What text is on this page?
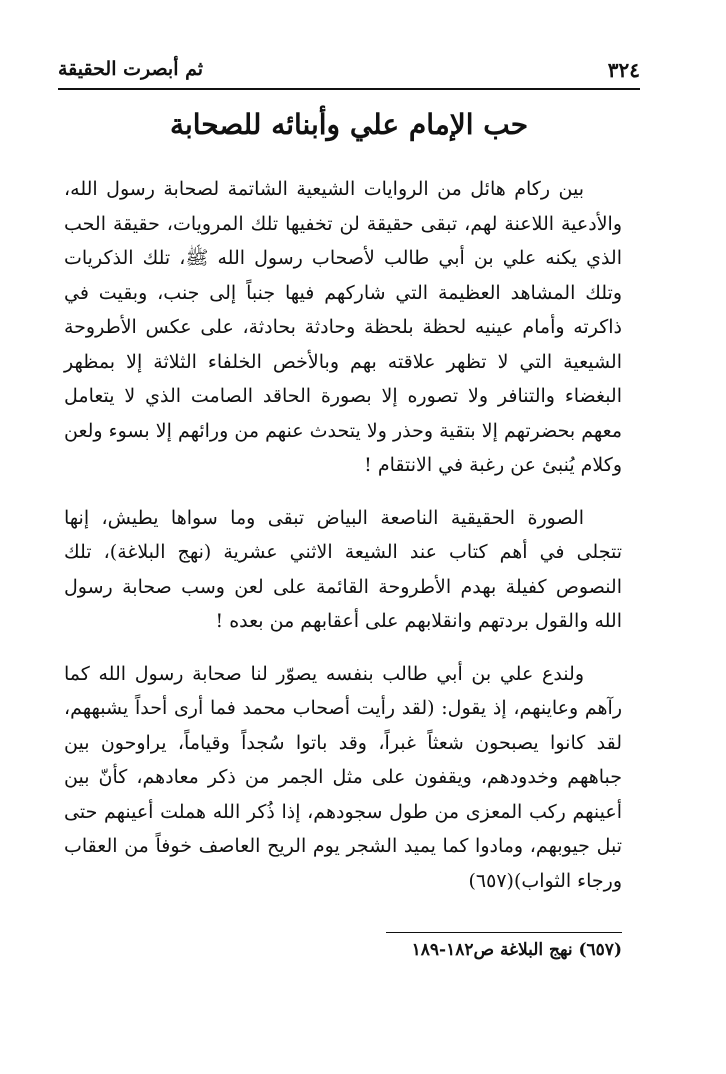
٣٢٤
ثم أبصرت الحقيقة
حب الإمام علي وأبنائه للصحابة

بين ركام هائل من الروايات الشيعية الشاتمة لصحابة رسول الله، والأدعية اللاعنة لهم، تبقى حقيقة لن تخفيها تلك المرويات، حقيقة الحب الذي يكنه علي بن أبي طالب لأصحاب رسول الله ﷺ، تلك الذكريات وتلك المشاهد العظيمة التي شاركهم فيها جنباً إلى جنب، وبقيت في ذاكرته وأمام عينيه لحظة بلحظة وحادثة بحادثة، على عكس الأطروحة الشيعية التي لا تظهر علاقته بهم وبالأخص الخلفاء الثلاثة إلا بمظهر البغضاء والتنافر ولا تصوره إلا بصورة الحاقد الصامت الذي لا يتعامل معهم بحضرتهم إلا بتقية وحذر ولا يتحدث عنهم من ورائهم إلا بسوء ولعن وكلام يُنبئ عن رغبة في الانتقام !

الصورة الحقيقية الناصعة البياض تبقى وما سواها يطيش، إنها تتجلى في أهم كتاب عند الشيعة الاثني عشرية (نهج البلاغة)، تلك النصوص كفيلة بهدم الأطروحة القائمة على لعن وسب صحابة رسول الله والقول بردتهم وانقلابهم على أعقابهم من بعده !

ولندع علي بن أبي طالب بنفسه يصوّر لنا صحابة رسول الله كما رآهم وعاينهم، إذ يقول: (لقد رأيت أصحاب محمد فما أرى أحداً يشبههم، لقد كانوا يصبحون شعثاً غبراً، وقد باتوا سُجداً وقياماً، يراوحون بين جباههم وخدودهم، ويقفون على مثل الجمر من ذكر معادهم، كأنّ بين أعينهم ركب المعزى من طول سجودهم، إذا ذُكر الله هملت أعينهم حتى تبل جيوبهم، ومادوا كما يميد الشجر يوم الريح العاصف خوفاً من العقاب ورجاء الثواب)(٦٥٧)

(٦٥٧) نهج البلاغة ص١٨٢-١٨٩
